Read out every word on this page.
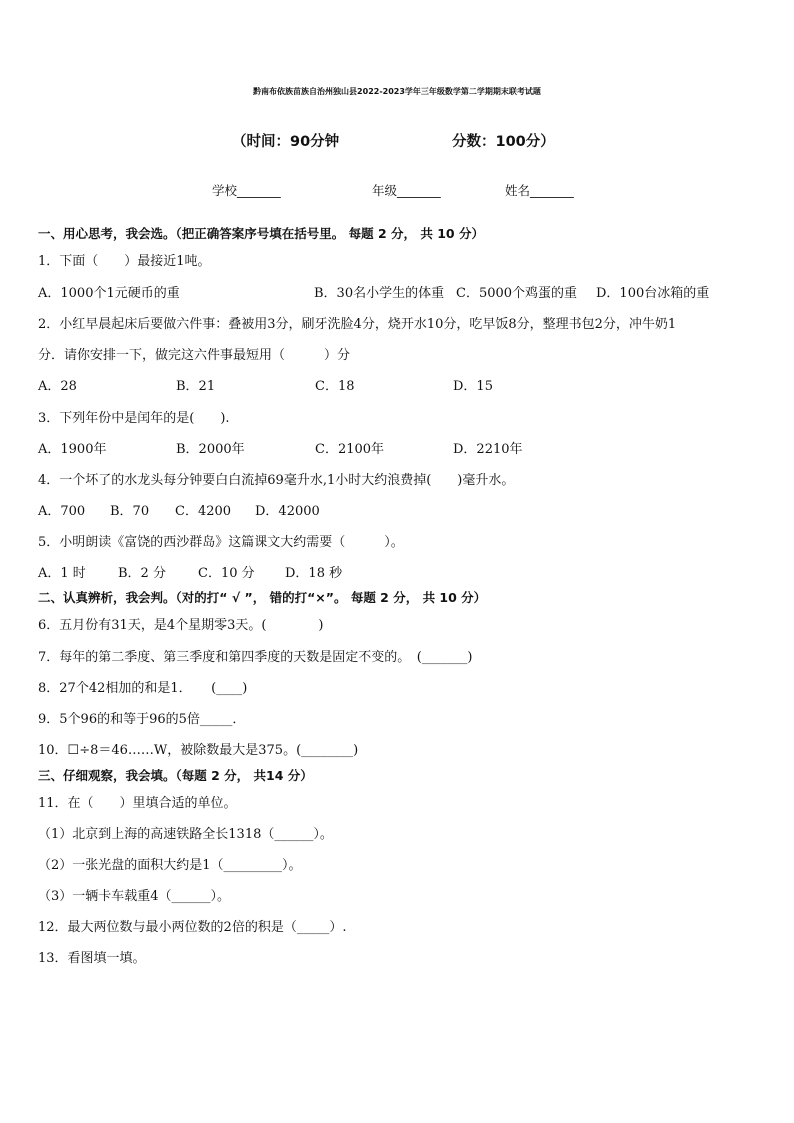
黔南布依族苗族自治州独山县2022-2023学年三年级数学第二学期期末联考试题
（时间：90分钟	分数：100分）
学校_______	年级_______	姓名_______
一、用心思考，我会选。（把正确答案序号填在括号里。 每题 2 分， 共 10 分）
1．下面（　　）最接近1吨。
A．1000个1元硬币的重	B．30名小学生的体重 C．5000个鸡蛋的重 D．100台冰箱的重
2．小红早晨起床后要做六件事：叠被用3分，刷牙洗脸4分，烧开水10分，吃早饭8分，整理书包2分，冲牛奶1
分．请你安排一下，做完这六件事最短用（　　　）分
A．28	B．21	C．18	D．15
3．下列年份中是闰年的是(　　).
A．1900年	B．2000年	C．2100年	D．2210年
4．一个坏了的水龙头每分钟要白白流掉69毫升水,1小时大约浪费掉(　　)毫升水。
A．700 B．70 C．4200 D．42000
5．小明朗读《富饶的西沙群岛》这篇课文大约需要（　　　）。
A．1 时 B．2 分 C．10 分 D．18 秒
二、认真辨析，我会判。（对的打“ √ ”， 错的打“×”。 每题 2 分， 共 10 分）
6．五月份有31天，是4个星期零3天。(　　　　)
7．每年的第二季度、第三季度和第四季度的天数是固定不变的。　(_______)
8．27个42相加的和是1．　　(____)
9．5个96的和等于96的5倍_____．
10．☐÷8＝46……W，被除数最大是375。(________)
三、仔细观察，我会填。（每题 2 分， 共14 分）
11．在（　　）里填合适的单位。
（1）北京到上海的高速铁路全长1318（______）。
（2）一张光盘的面积大约是1（_________）。
（3）一辆卡车载重4（______）。
12．最大两位数与最小两位数的2倍的积是（_____）.
13．看图填一填。
